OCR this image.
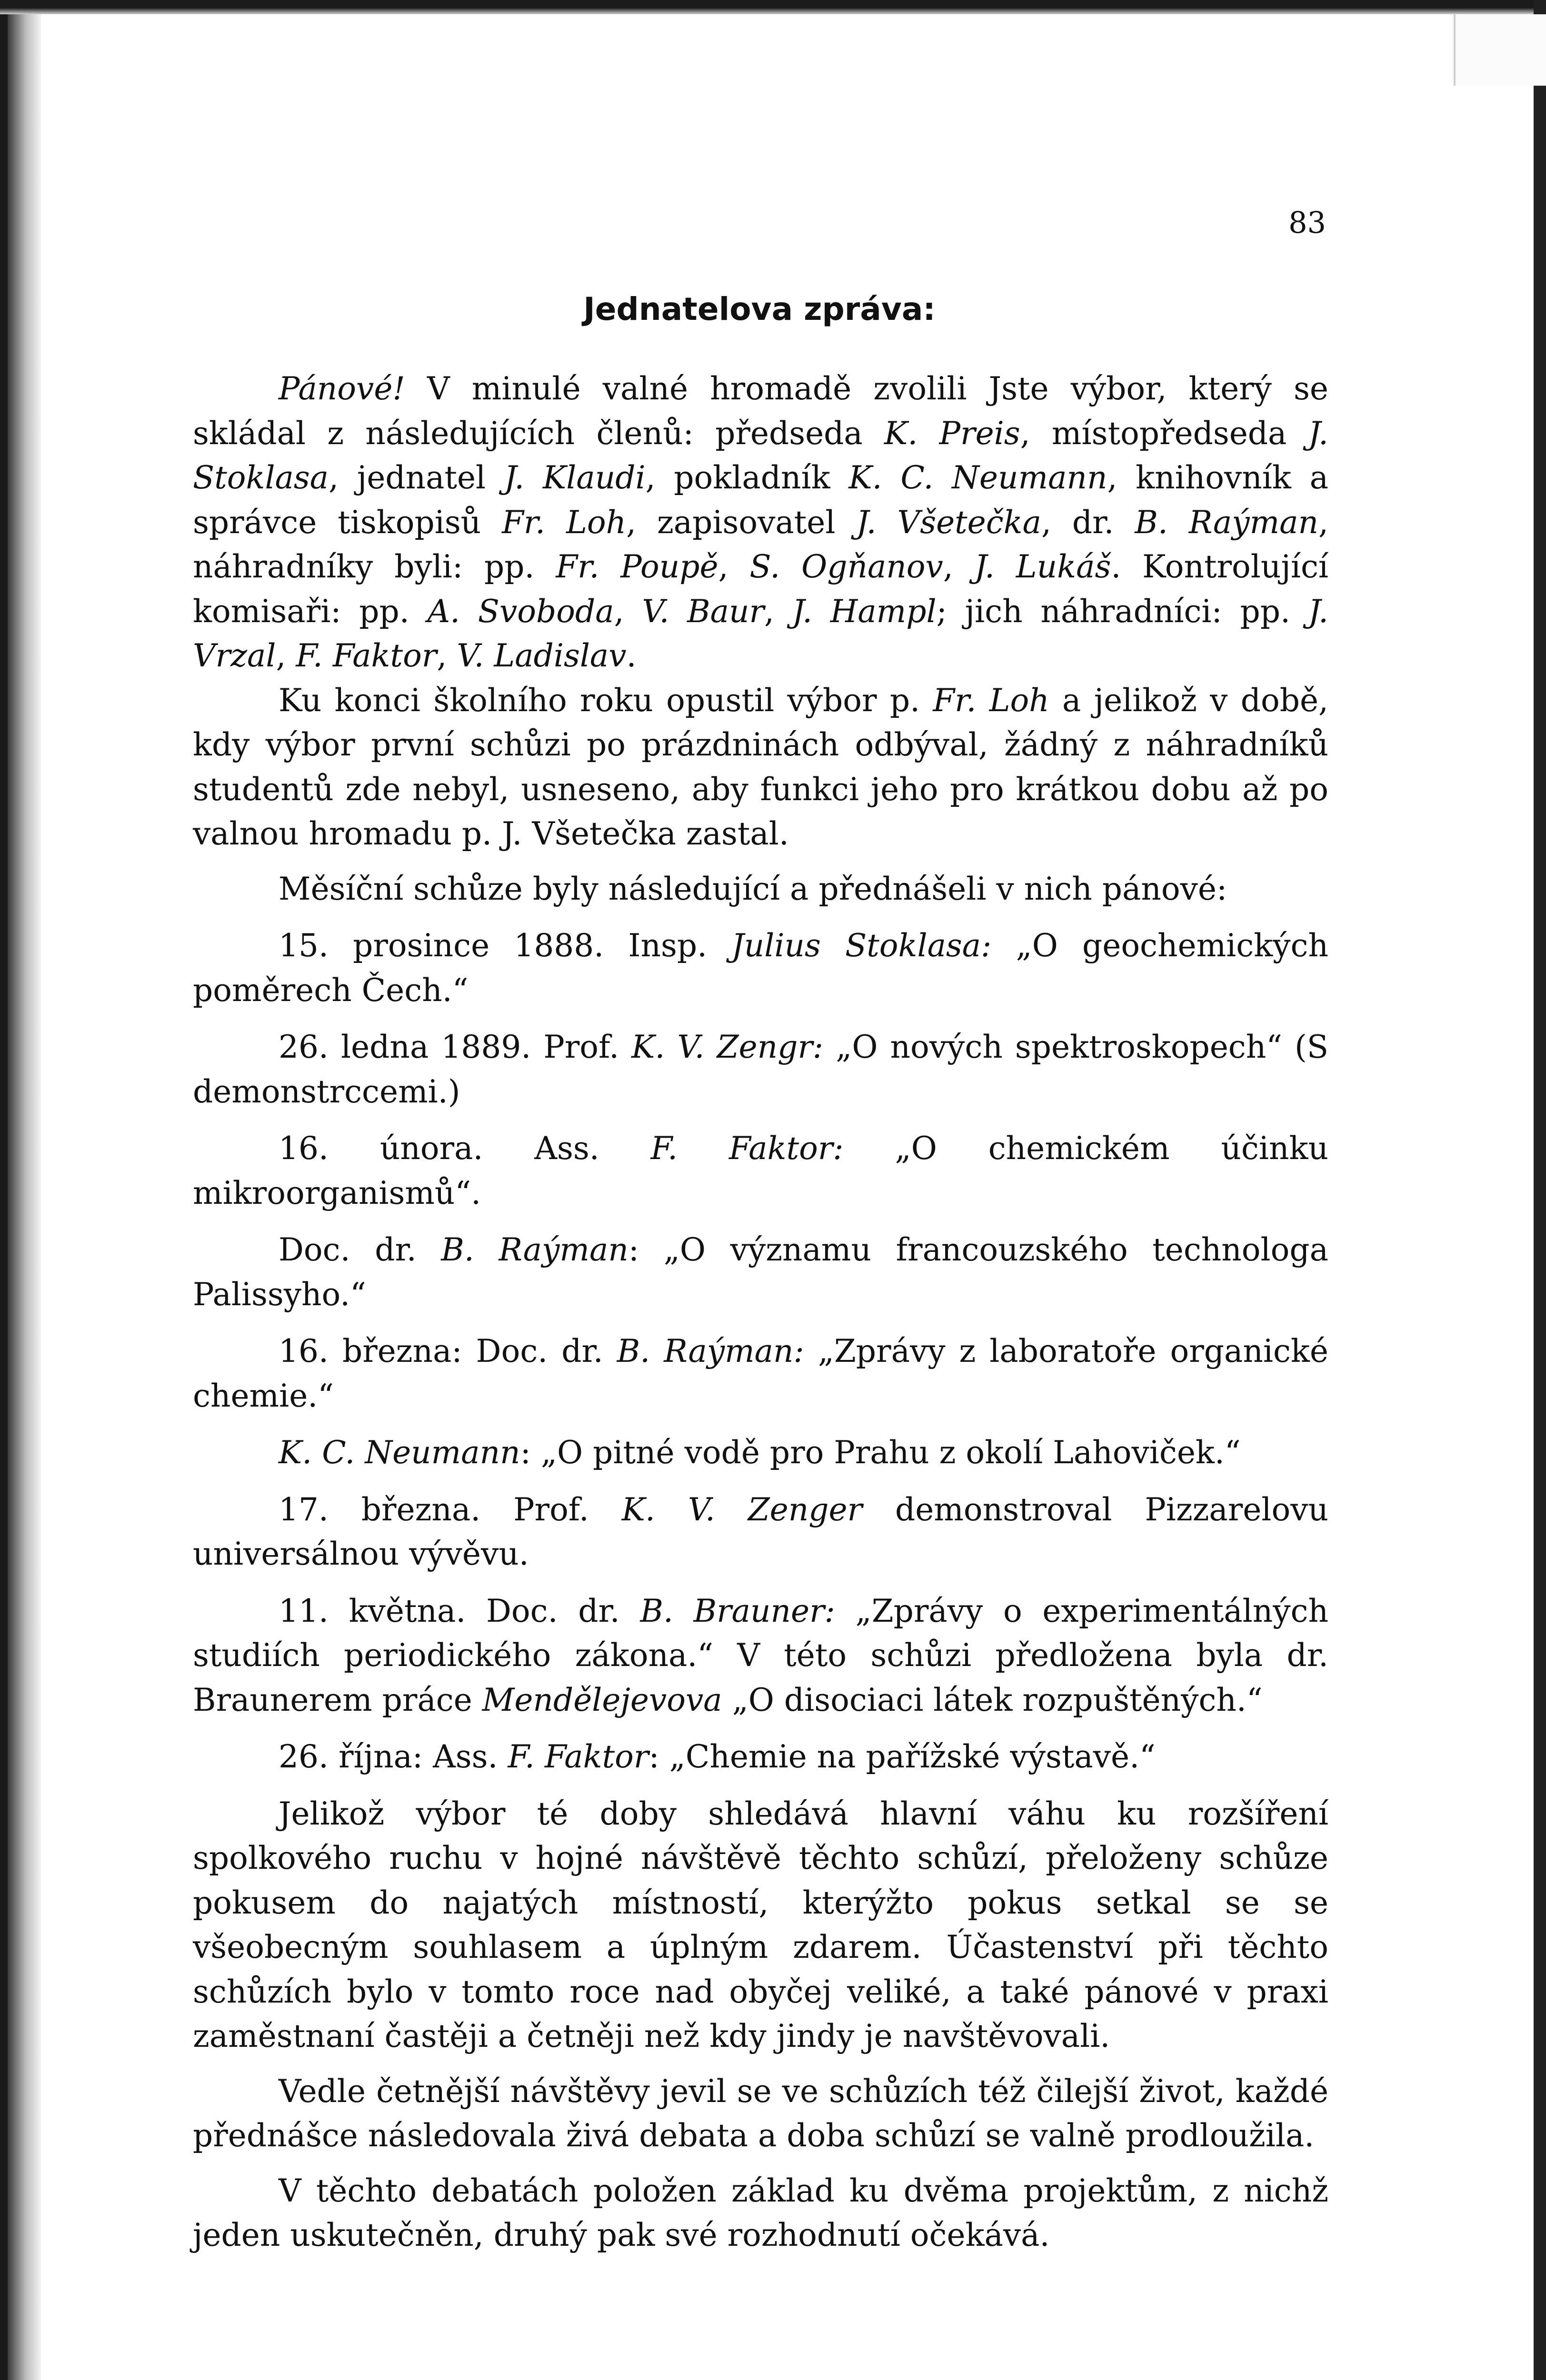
83
Jednatelova zpráva:

Pánové! V minulé valné hromadě zvolili Jste výbor, který se skládal z následujících členů: předseda K. Preis, místopředseda J. Stoklasa, jednatel J. Klaudi, pokladník K. C. Neumann, knihovník a správce tiskopisů Fr. Loh, zapisovatel J. Všetečka, dr. B. Raýman, náhradníky byli: pp. Fr. Poupě, S. Ogňanov, J. Lukáš. Kontrolující komisaři: pp. A. Svoboda, V. Baur, J. Hampl; jich náhradníci: pp. J. Vrzal, F. Faktor, V. Ladislav.

Ku konci školního roku opustil výbor p. Fr. Loh a jelikož v době, kdy výbor první schůzi po prázdninách odbýval, žádný z náhradníků studentů zde nebyl, usneseno, aby funkci jeho pro krátkou dobu až po valnou hromadu p. J. Všetečka zastal.

Měsíční schůze byly následující a přednášeli v nich pánové:

15. prosince 1888. Insp. Julius Stoklasa: „O geochemických poměrech Čech.“

26. ledna 1889. Prof. K. V. Zengr: „O nových spektroskopech“ (S demonstrccemi.)

16. února. Ass. F. Faktor: „O chemickém účinku mikroorganismů“.

Doc. dr. B. Raýman: „O významu francouzského technologa Palissyho.“

16. března: Doc. dr. B. Raýman: „Zprávy z laboratoře organické chemie.“

K. C. Neumann: „O pitné vodě pro Prahu z okolí Lahoviček.“

17. března. Prof. K. V. Zenger demonstroval Pizzarelovu universálnou vývěvu.

11. května. Doc. dr. B. Brauner: „Zprávy o experimentálných studiích periodického zákona.“ V této schůzi předložena byla dr. Braunerem práce Mendělejevova „O disociaci látek rozpuštěných.“

26. října: Ass. F. Faktor: „Chemie na pařížské výstavě.“

Jelikož výbor té doby shledává hlavní váhu ku rozšíření spolkového ruchu v hojné návštěvě těchto schůzí, přeloženy schůze pokusem do najatých místností, kterýžto pokus setkal se se všeobecným souhlasem a úplným zdarem. Účastenství při těchto schůzích bylo v tomto roce nad obyčej veliké, a také pánové v praxi zaměstnaní častěji a četněji než kdy jindy je navštěvovali.

Vedle četnější návštěvy jevil se ve schůzích též čilejší život, každé přednášce následovala živá debata a doba schůzí se valně prodloužila.

V těchto debatách položen základ ku dvěma projektům, z nichž jeden uskutečněn, druhý pak své rozhodnutí očekává.
